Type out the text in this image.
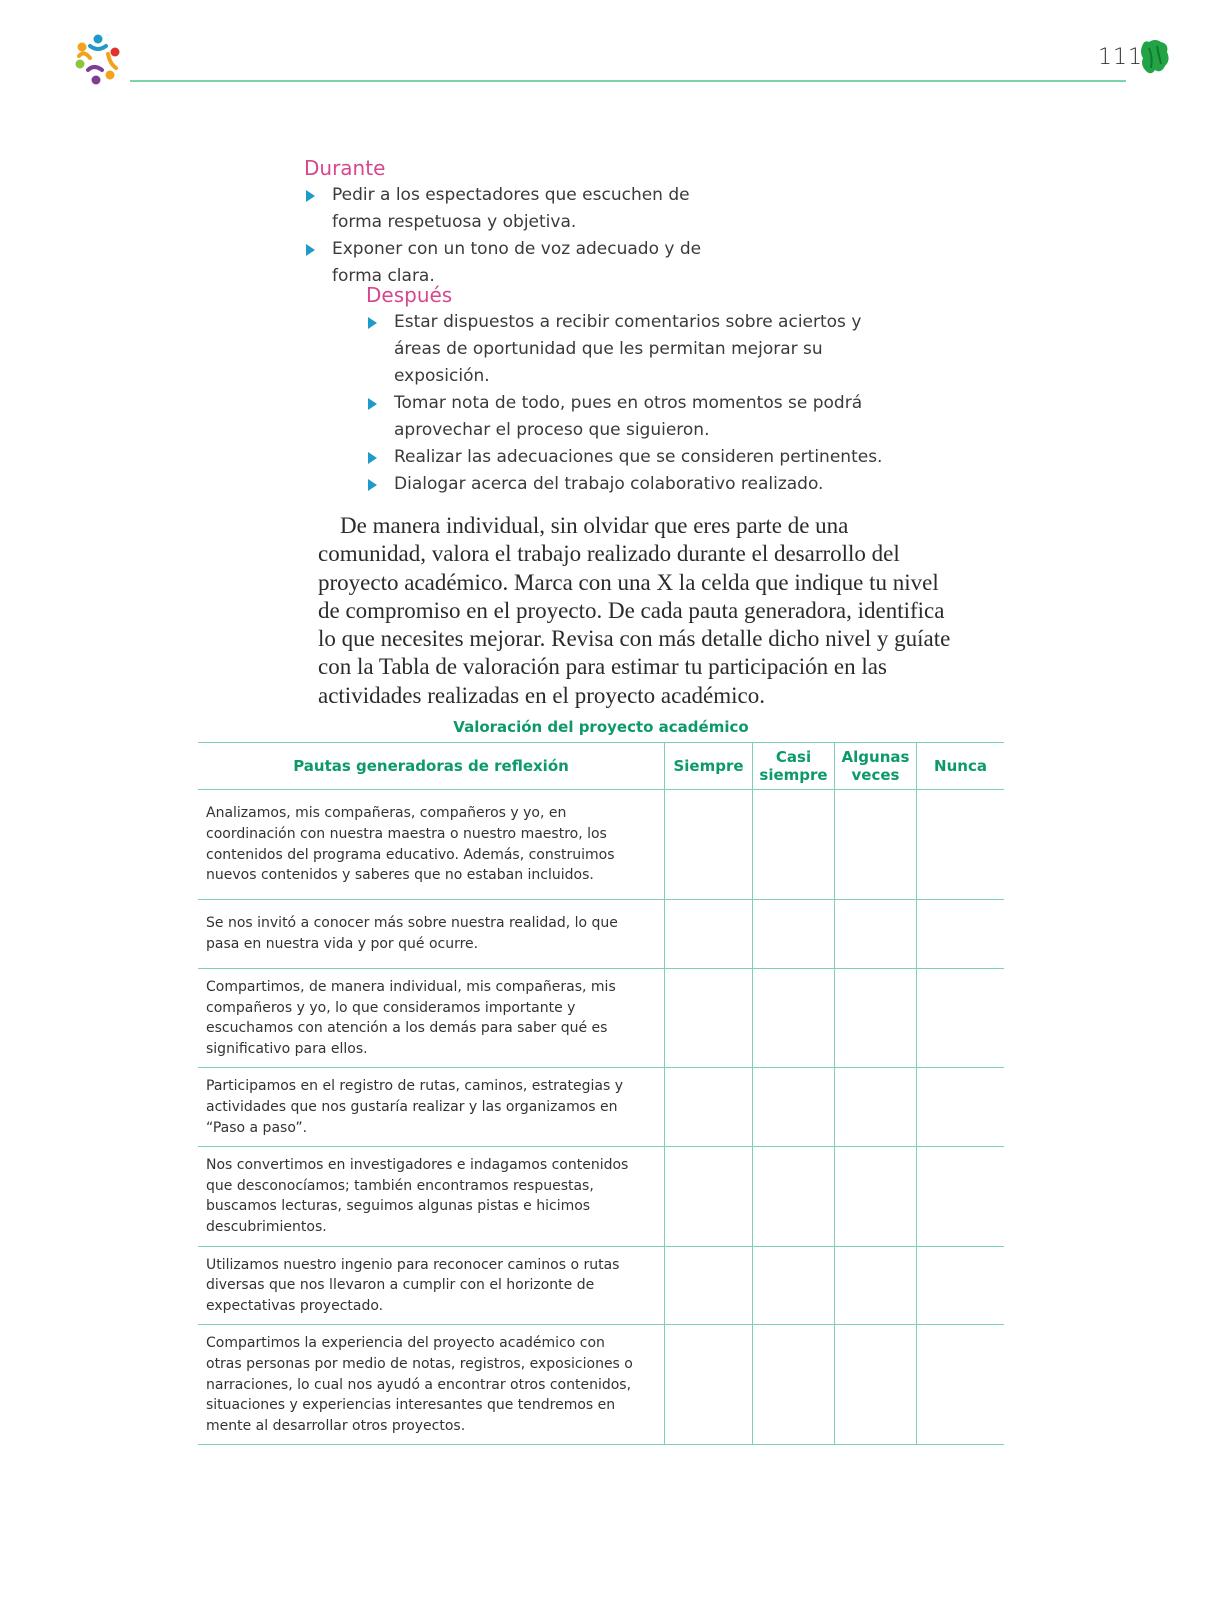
111
Durante
Pedir a los espectadores que escuchen de forma respetuosa y objetiva.
Exponer con un tono de voz adecuado y de forma clara.
Después
Estar dispuestos a recibir comentarios sobre aciertos y áreas de oportunidad que les permitan mejorar su exposición.
Tomar nota de todo, pues en otros momentos se podrá aprovechar el proceso que siguieron.
Realizar las adecuaciones que se consideren pertinentes.
Dialogar acerca del trabajo colaborativo realizado.

De manera individual, sin olvidar que eres parte de una comunidad, valora el trabajo realizado durante el desarrollo del proyecto académico. Marca con una X la celda que indique tu nivel de compromiso en el proyecto. De cada pauta generadora, identifica lo que necesites mejorar. Revisa con más detalle dicho nivel y guíate con la Tabla de valoración para estimar tu participación en las actividades realizadas en el proyecto académico.

Valoración del proyecto académico
Pautas generadoras de reflexión	Siempre	Casi siempre	Algunas veces	Nunca
Analizamos, mis compañeras, compañeros y yo, en coordinación con nuestra maestra o nuestro maestro, los contenidos del programa educativo. Además, construimos nuevos contenidos y saberes que no estaban incluidos.				
Se nos invitó a conocer más sobre nuestra realidad, lo que pasa en nuestra vida y por qué ocurre.				
Compartimos, de manera individual, mis compañeras, mis compañeros y yo, lo que consideramos importante y escuchamos con atención a los demás para saber qué es significativo para ellos.				
Participamos en el registro de rutas, caminos, estrategias y actividades que nos gustaría realizar y las organizamos en “Paso a paso”.				
Nos convertimos en investigadores e indagamos contenidos que desconocíamos; también encontramos respuestas, buscamos lecturas, seguimos algunas pistas e hicimos descubrimientos.				
Utilizamos nuestro ingenio para reconocer caminos o rutas diversas que nos llevaron a cumplir con el horizonte de expectativas proyectado.				
Compartimos la experiencia del proyecto académico con otras personas por medio de notas, registros, exposiciones o narraciones, lo cual nos ayudó a encontrar otros contenidos, situaciones y experiencias interesantes que tendremos en mente al desarrollar otros proyectos.				
